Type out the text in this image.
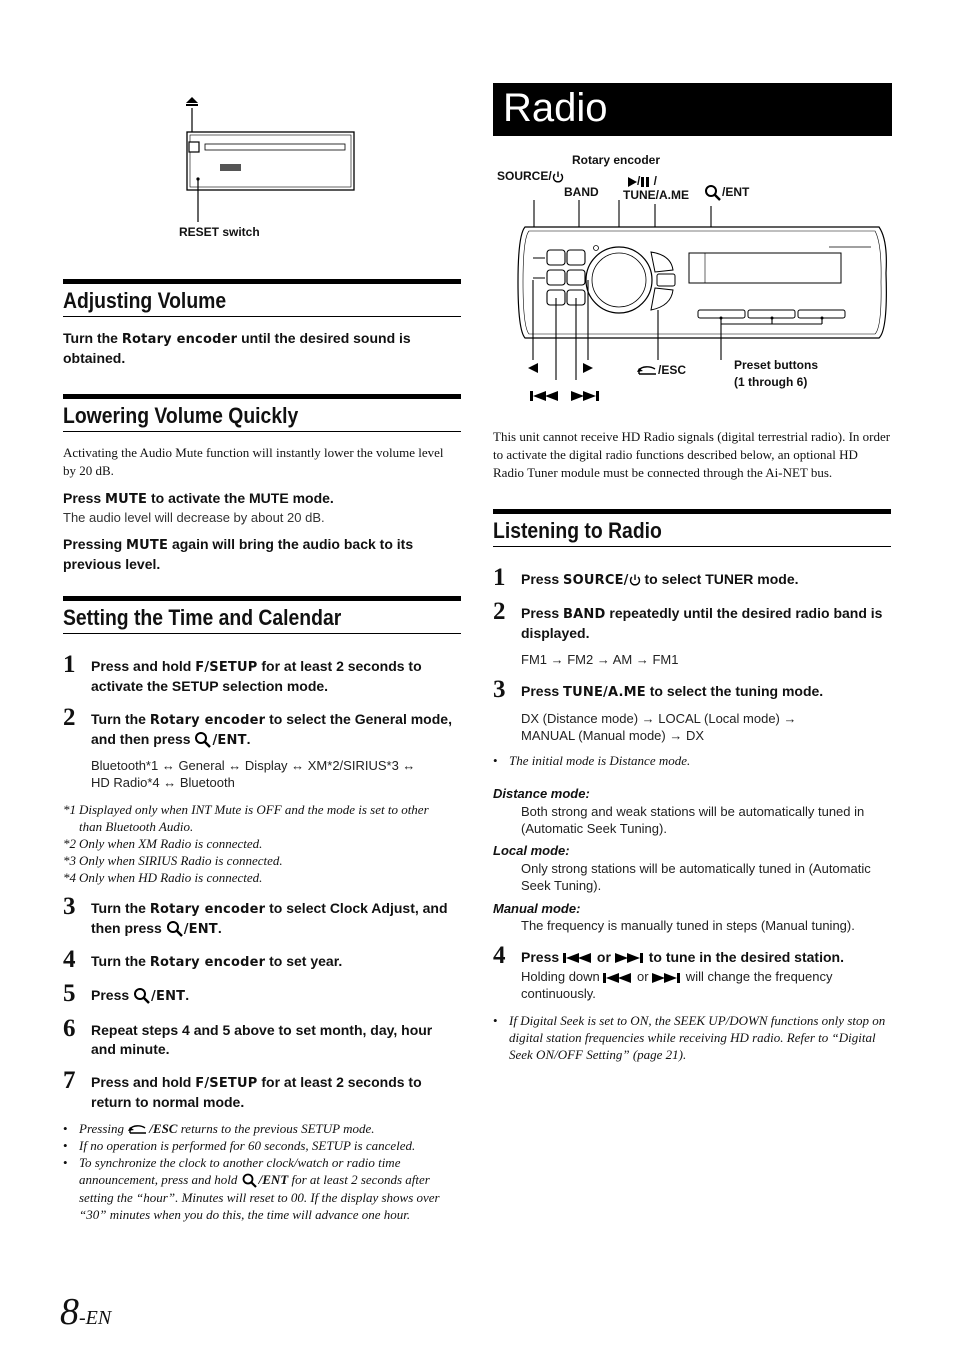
RESET switch
Adjusting Volume
Turn the Rotary encoder until the desired sound is obtained.
Lowering Volume Quickly
Activating the Audio Mute function will instantly lower the volume level by 20 dB.
Press MUTE to activate the MUTE mode.
The audio level will decrease by about 20 dB.
Pressing MUTE again will bring the audio back to its previous level.
Setting the Time and Calendar
1 Press and hold F/SETUP for at least 2 seconds to activate the SETUP selection mode.
2 Turn the Rotary encoder to select the General mode, and then press /ENT.
Bluetooth*1 ↔ General ↔ Display ↔ XM*2/SIRIUS*3 ↔
HD Radio*4 ↔ Bluetooth
*1 Displayed only when INT Mute is OFF and the mode is set to other
than Bluetooth Audio.
*2 Only when XM Radio is connected.
*3 Only when SIRIUS Radio is connected.
*4 Only when HD Radio is connected.
3 Turn the Rotary encoder to select Clock Adjust, and then press /ENT.
4 Turn the Rotary encoder to set year.
5 Press /ENT.
6 Repeat steps 4 and 5 above to set month, day, hour and minute.
7 Press and hold F/SETUP for at least 2 seconds to return to normal mode.
• Pressing /ESC returns to the previous SETUP mode.
• If no operation is performed for 60 seconds, SETUP is canceled.
• To synchronize the clock to another clock/watch or radio time
announcement, press and hold /ENT for at least 2 seconds after
setting the “hour”. Minutes will reset to 00. If the display shows over
“30” minutes when you do this, the time will advance one hour.
8-EN
Radio
Rotary encoder
SOURCE/
BAND
/ /
TUNE/A.ME	/ENT
/ESC	Preset buttons
(1 through 6)
This unit cannot receive HD Radio signals (digital terrestrial radio). In order to activate the digital radio functions described below, an optional HD Radio Tuner module must be connected through the Ai-NET bus.
Listening to Radio
1 Press SOURCE/ to select TUNER mode.
2 Press BAND repeatedly until the desired radio band is displayed.
FM1 → FM2 → AM → FM1
3 Press TUNE/A.ME to select the tuning mode.
DX (Distance mode) → LOCAL (Local mode) →
MANUAL (Manual mode) → DX
• The initial mode is Distance mode.
Distance mode:
Both strong and weak stations will be automatically tuned in (Automatic Seek Tuning).
Local mode:
Only strong stations will be automatically tuned in (Automatic Seek Tuning).
Manual mode:
The frequency is manually tuned in steps (Manual tuning).
4 Press  or  to tune in the desired station.
Holding down  or  will change the frequency continuously.
• If Digital Seek is set to ON, the SEEK UP/DOWN functions only stop on digital station frequencies while receiving HD radio. Refer to “Digital Seek ON/OFF Setting” (page 21).
